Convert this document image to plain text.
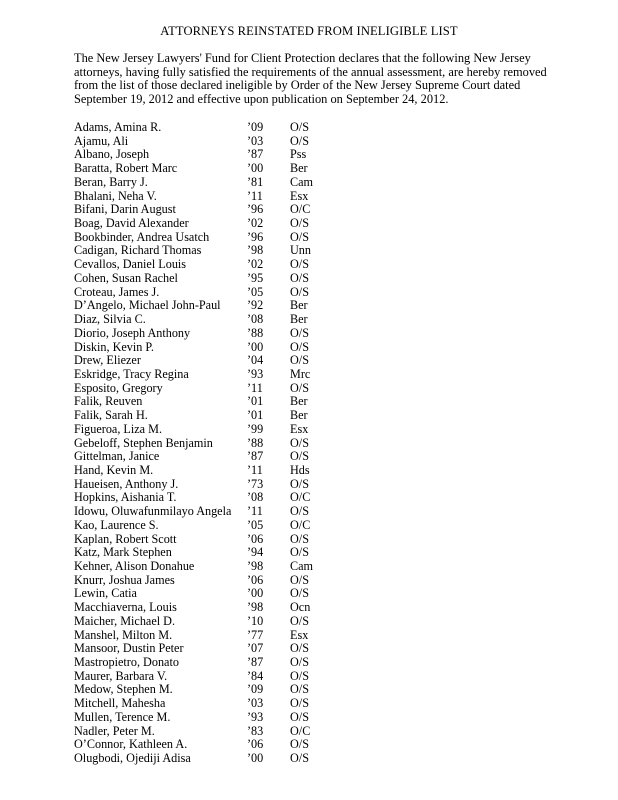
ATTORNEYS REINSTATED FROM INELIGIBLE LIST
The New Jersey Lawyers' Fund for Client Protection declares that the following New Jersey attorneys, having fully satisfied the requirements of the annual assessment, are hereby removed from the list of those declared ineligible by Order of the New Jersey Supreme Court dated September 19, 2012 and effective upon publication on September 24, 2012.
Adams, Amina R.	’09 O/S
Ajamu, Ali	’03 O/S
Albano, Joseph	’87 Pss
Baratta, Robert Marc	’00 Ber
Beran, Barry J.	’81 Cam
Bhalani, Neha V.	’11 Esx
Bifani, Darin August	’96 O/C
Boag, David Alexander	’02 O/S
Bookbinder, Andrea Usatch	’96 O/S
Cadigan, Richard Thomas	’98 Unn
Cevallos, Daniel Louis	’02 O/S
Cohen, Susan Rachel	’95 O/S
Croteau, James J.	’05 O/S
D’Angelo, Michael John-Paul ’92 Ber
Diaz, Silvia C.	’08 Ber
Diorio, Joseph Anthony	’88 O/S
Diskin, Kevin P.	’00 O/S
Drew, Eliezer	’04 O/S
Eskridge, Tracy Regina	’93 Mrc
Esposito, Gregory	’11 O/S
Falik, Reuven	’01 Ber
Falik, Sarah H.	’01 Ber
Figueroa, Liza M.	’99 Esx
Gebeloff, Stephen Benjamin	’88 O/S
Gittelman, Janice	’87 O/S
Hand, Kevin M.	’11 Hds
Haueisen, Anthony J.	’73 O/S
Hopkins, Aishania T.	’08 O/C
Idowu, Oluwafunmilayo Angela ’11 O/S
Kao, Laurence S.	’05 O/C
Kaplan, Robert Scott	’06 O/S
Katz, Mark Stephen	’94 O/S
Kehner, Alison Donahue	’98 Cam
Knurr, Joshua James	’06 O/S
Lewin, Catia	’00 O/S
Macchiaverna, Louis	’98 Ocn
Maicher, Michael D.	’10 O/S
Manshel, Milton M.	’77 Esx
Mansoor, Dustin Peter	’07 O/S
Mastropietro, Donato	’87 O/S
Maurer, Barbara V.	’84 O/S
Medow, Stephen M.	’09 O/S
Mitchell, Mahesha	’03 O/S
Mullen, Terence M.	’93 O/S
Nadler, Peter M.	’83 O/C
O’Connor, Kathleen A.	’06 O/S
Olugbodi, Ojediji Adisa	’00 O/S
